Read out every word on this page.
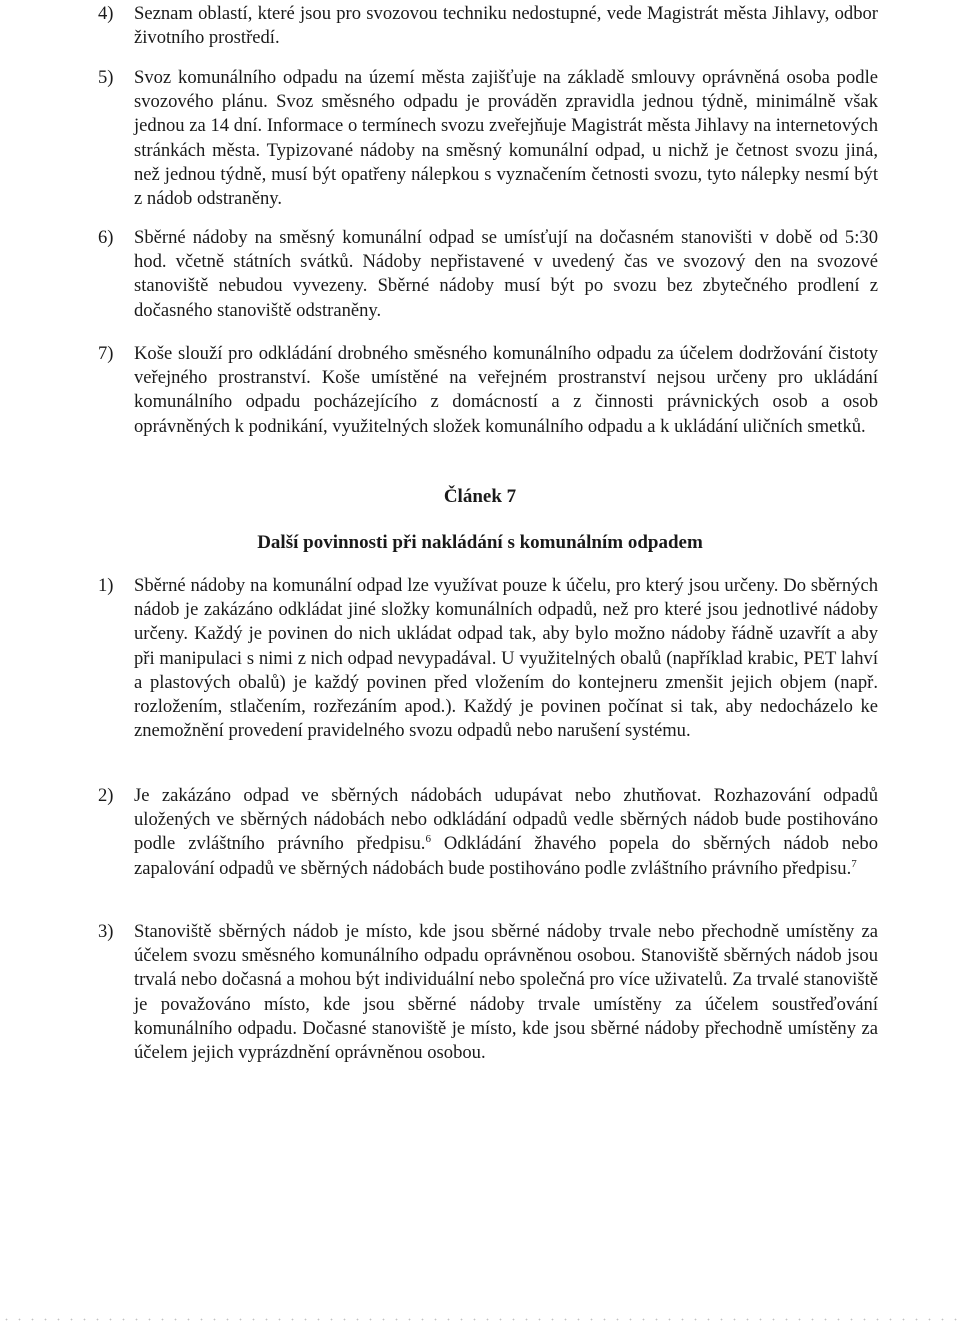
4)	Seznam oblastí, které jsou pro svozovou techniku nedostupné, vede Magistrát města Jihlavy, odbor životního prostředí.
5)	Svoz komunálního odpadu na území města zajišťuje na základě smlouvy oprávněná osoba podle svozového plánu. Svoz směsného odpadu je prováděn zpravidla jednou týdně, minimálně však jednou za 14 dní. Informace o termínech svozu zveřejňuje Magistrát města Jihlavy na internetových stránkách města. Typizované nádoby na směsný komunální odpad, u nichž je četnost svozu jiná, než jednou týdně, musí být opatřeny nálepkou s vyznačením četnosti svozu, tyto nálepky nesmí být z nádob odstraněny.
6)	Sběrné nádoby na směsný komunální odpad se umísťují na dočasném stanovišti v době od 5:30 hod. včetně státních svátků. Nádoby nepřistavené v uvedený čas ve svozový den na svozové stanoviště nebudou vyvezeny. Sběrné nádoby musí být po svozu bez zbytečného prodlení z dočasného stanoviště odstraněny.
7)	Koše slouží pro odkládání drobného směsného komunálního odpadu za účelem dodržování čistoty veřejného prostranství. Koše umístěné na veřejném prostranství nejsou určeny pro ukládání komunálního odpadu pocházejícího z domácností a z činnosti právnických osob a osob oprávněných k podnikání, využitelných složek komunálního odpadu a k ukládání uličních smetků.
Článek 7
Další povinnosti při nakládání s komunálním odpadem
1)	Sběrné nádoby na komunální odpad lze využívat pouze k účelu, pro který jsou určeny. Do sběrných nádob je zakázáno odkládat jiné složky komunálních odpadů, než pro které jsou jednotlivé nádoby určeny. Každý je povinen do nich ukládat odpad tak, aby bylo možno nádoby řádně uzavřít a aby při manipulaci s nimi z nich odpad nevypadával. U využitelných obalů (například krabic, PET lahví a plastových obalů) je každý povinen před vložením do kontejneru zmenšit jejich objem (např. rozložením, stlačením, rozřezáním apod.). Každý je povinen počínat si tak, aby nedocházelo ke znemožnění provedení pravidelného svozu odpadů nebo narušení systému.
2)	Je zakázáno odpad ve sběrných nádobách udupávat nebo zhutňovat. Rozhazování odpadů uložených ve sběrných nádobách nebo odkládání odpadů vedle sběrných nádob bude postihováno podle zvláštního právního předpisu.$^6$ Odkládání žhavého popela do sběrných nádob nebo zapalování odpadů ve sběrných nádobách bude postihováno podle zvláštního právního předpisu.$^7$
3)	Stanoviště sběrných nádob je místo, kde jsou sběrné nádoby trvale nebo přechodně umístěny za účelem svozu směsného komunálního odpadu oprávněnou osobou. Stanoviště sběrných nádob jsou trvalá nebo dočasná a mohou být individuální nebo společná pro více uživatelů. Za trvalé stanoviště je považováno místo, kde jsou sběrné nádoby trvale umístěny za účelem soustřeďování komunálního odpadu. Dočasné stanoviště je místo, kde jsou sběrné nádoby přechodně umístěny za účelem jejich vyprázdnění oprávněnou osobou.
